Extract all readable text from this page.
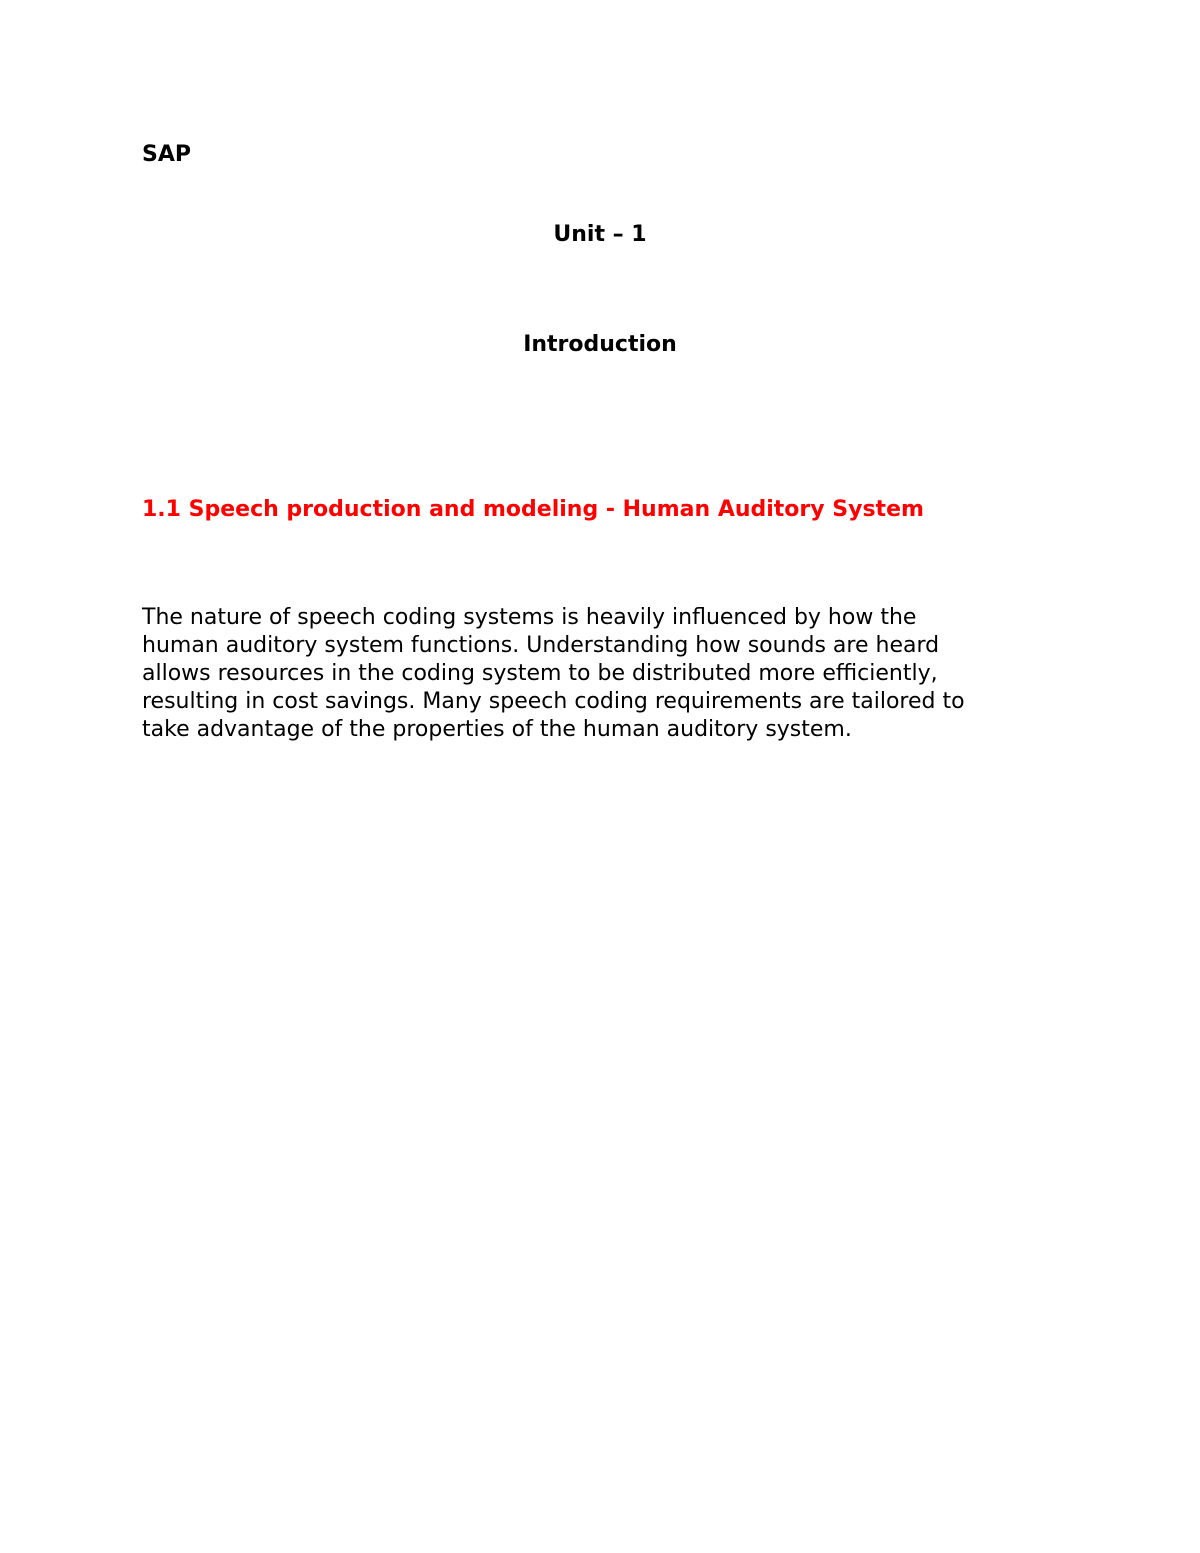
SAP

Unit – 1

Introduction

1.1 Speech production and modeling - Human Auditory System

The nature of speech coding systems is heavily influenced by how the
human auditory system functions. Understanding how sounds are heard
allows resources in the coding system to be distributed more efficiently,
resulting in cost savings. Many speech coding requirements are tailored to
take advantage of the properties of the human auditory system.
